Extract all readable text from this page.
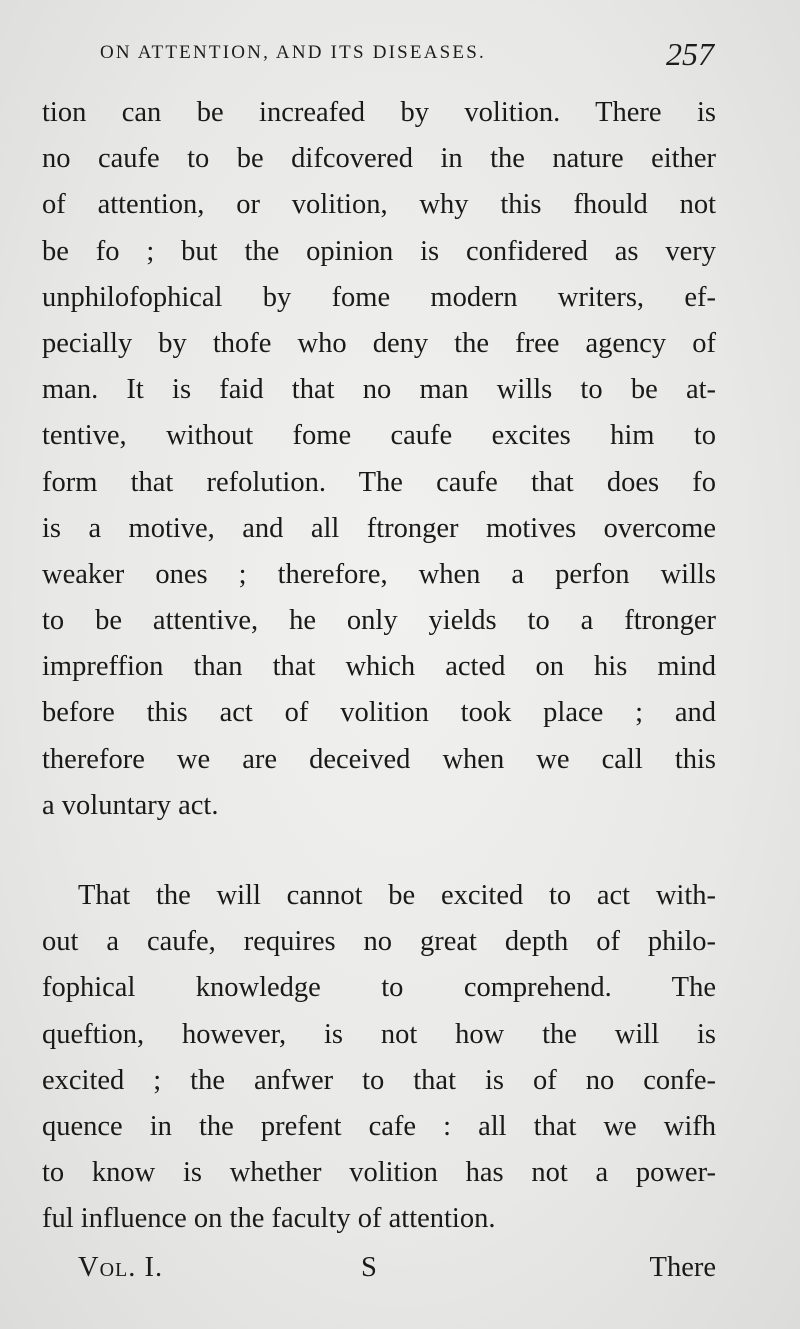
ON ATTENTION, AND ITS DISEASES.	257
tion can be increafed by volition. There is
no caufe to be difcovered in the nature either
of attention, or volition, why this fhould not
be fo ; but the opinion is confidered as very
unphilofophical by fome modern writers, ef-
pecially by thofe who deny the free agency of
man. It is faid that no man wills to be at-
tentive, without fome caufe excites him to
form that refolution. The caufe that does fo
is a motive, and all ftronger motives overcome
weaker ones ; therefore, when a perfon wills
to be attentive, he only yields to a ftronger
impreffion than that which acted on his mind
before this act of volition took place ; and
therefore we are deceived when we call this
a voluntary act.
That the will cannot be excited to act with-
out a caufe, requires no great depth of philo-
fophical knowledge to comprehend. The
queftion, however, is not how the will is
excited ; the anfwer to that is of no confe-
quence in the prefent cafe : all that we wifh
to know is whether volition has not a power-
ful influence on the faculty of attention.
Vol. I.	S	There
